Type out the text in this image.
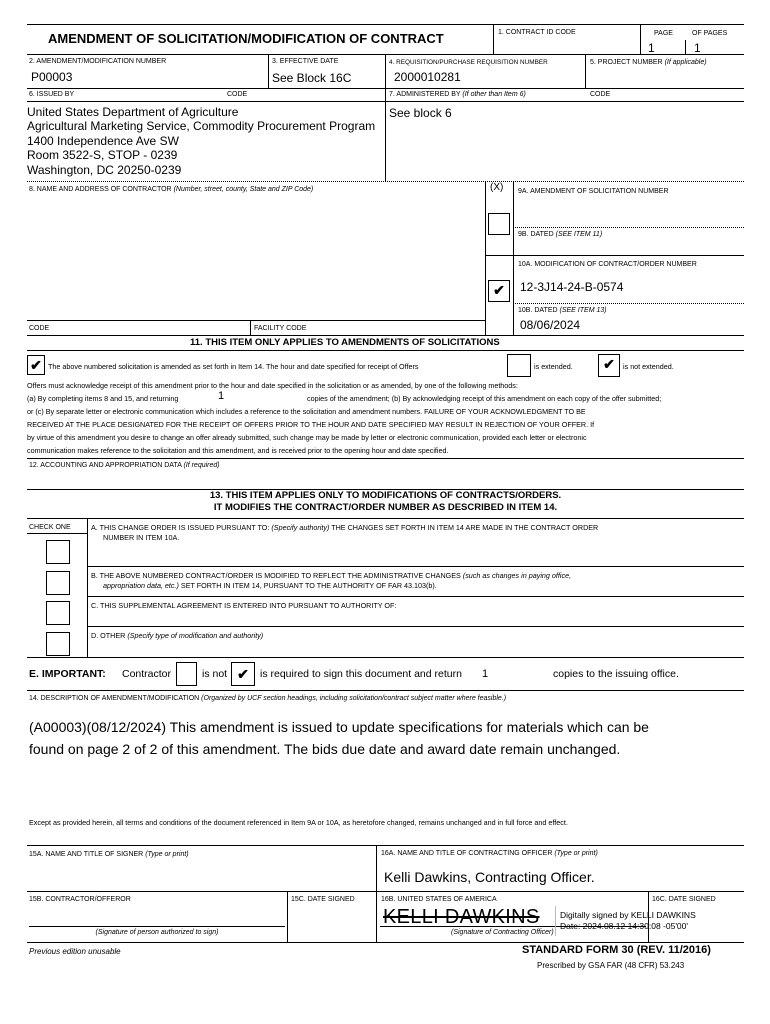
AMENDMENT OF SOLICITATION/MODIFICATION OF CONTRACT	1. CONTRACT ID CODE	PAGE	OF PAGES
1	1
2. AMENDMENT/MODIFICATION NUMBER
P00003
3. EFFECTIVE DATE
See Block 16C
4. REQUISITION/PURCHASE REQUISITION NUMBER
2000010281
5. PROJECT NUMBER (If applicable)
6. ISSUED BY	CODE	7. ADMINISTERED BY (If other than Item 6)	CODE
United States Department of Agriculture
Agricultural Marketing Service, Commodity Procurement Program
1400 Independence Ave SW
Room 3522-S, STOP - 0239
Washington, DC 20250-0239
See block 6
8. NAME AND ADDRESS OF CONTRACTOR (Number, street, county, State and ZIP Code)	(X) 9A. AMENDMENT OF SOLICITATION NUMBER
9B. DATED (SEE ITEM 11)
10A. MODIFICATION OF CONTRACT/ORDER NUMBER
✔	12-3J14-24-B-0574
10B. DATED (SEE ITEM 13)
08/06/2024
CODE	FACILITY CODE
11. THIS ITEM ONLY APPLIES TO AMENDMENTS OF SOLICITATIONS
✔ The above numbered solicitation is amended as set forth in Item 14. The hour and date specified for receipt of Offers	is extended.	✔	is not extended.
Offers must acknowledge receipt of this amendment prior to the hour and date specified in the solicitation or as amended, by one of the following methods:
(a) By completing items 8 and 15, and returning	1	copies of the amendment; (b) By acknowledging receipt of this amendment on each copy of the offer submitted;
or (c) By separate letter or electronic communication which includes a reference to the solicitation and amendment numbers. FAILURE OF YOUR ACKNOWLEDGMENT TO BE
RECEIVED AT THE PLACE DESIGNATED FOR THE RECEIPT OF OFFERS PRIOR TO THE HOUR AND DATE SPECIFIED MAY RESULT IN REJECTION OF YOUR OFFER. If
by virtue of this amendment you desire to change an offer already submitted, such change may be made by letter or electronic communication, provided each letter or electronic
communication makes reference to the solicitation and this amendment, and is received prior to the opening hour and date specified.
12. ACCOUNTING AND APPROPRIATION DATA (If required)
13. THIS ITEM APPLIES ONLY TO MODIFICATIONS OF CONTRACTS/ORDERS.
IT MODIFIES THE CONTRACT/ORDER NUMBER AS DESCRIBED IN ITEM 14.
CHECK ONE	A. THIS CHANGE ORDER IS ISSUED PURSUANT TO: (Specify authority) THE CHANGES SET FORTH IN ITEM 14 ARE MADE IN THE CONTRACT ORDER
NUMBER IN ITEM 10A.
B. THE ABOVE NUMBERED CONTRACT/ORDER IS MODIFIED TO REFLECT THE ADMINISTRATIVE CHANGES (such as changes in paying office,
appropriation data, etc.) SET FORTH IN ITEM 14, PURSUANT TO THE AUTHORITY OF FAR 43.103(b).
C. THIS SUPPLEMENTAL AGREEMENT IS ENTERED INTO PURSUANT TO AUTHORITY OF:
D. OTHER (Specify type of modification and authority)
E. IMPORTANT: Contractor	is not ✔	is required to sign this document and return 1	copies to the issuing office.
14. DESCRIPTION OF AMENDMENT/MODIFICATION (Organized by UCF section headings, including solicitation/contract subject matter where feasible.)
(A00003)(08/12/2024) This amendment is issued to update specifications for materials which can be
found on page 2 of 2 of this amendment. The bids due date and award date remain unchanged.
Except as provided herein, all terms and conditions of the document referenced in Item 9A or 10A, as heretofore changed, remains unchanged and in full force and effect.
15A. NAME AND TITLE OF SIGNER (Type or print)	16A. NAME AND TITLE OF CONTRACTING OFFICER (Type or print)
Kelli Dawkins, Contracting Officer.
15B. CONTRACTOR/OFFEROR	15C. DATE SIGNED	16B. UNITED STATES OF AMERICA	16C. DATE SIGNED
(Signature of person authorized to sign)
KELLI DAWKINS
(Signature of Contracting Officer)
Digitally signed by KELLI DAWKINS
Date: 2024.08.12 14:30:08 -05'00'
Previous edition unusable	STANDARD FORM 30 (REV. 11/2016)
Prescribed by GSA FAR (48 CFR) 53.243
